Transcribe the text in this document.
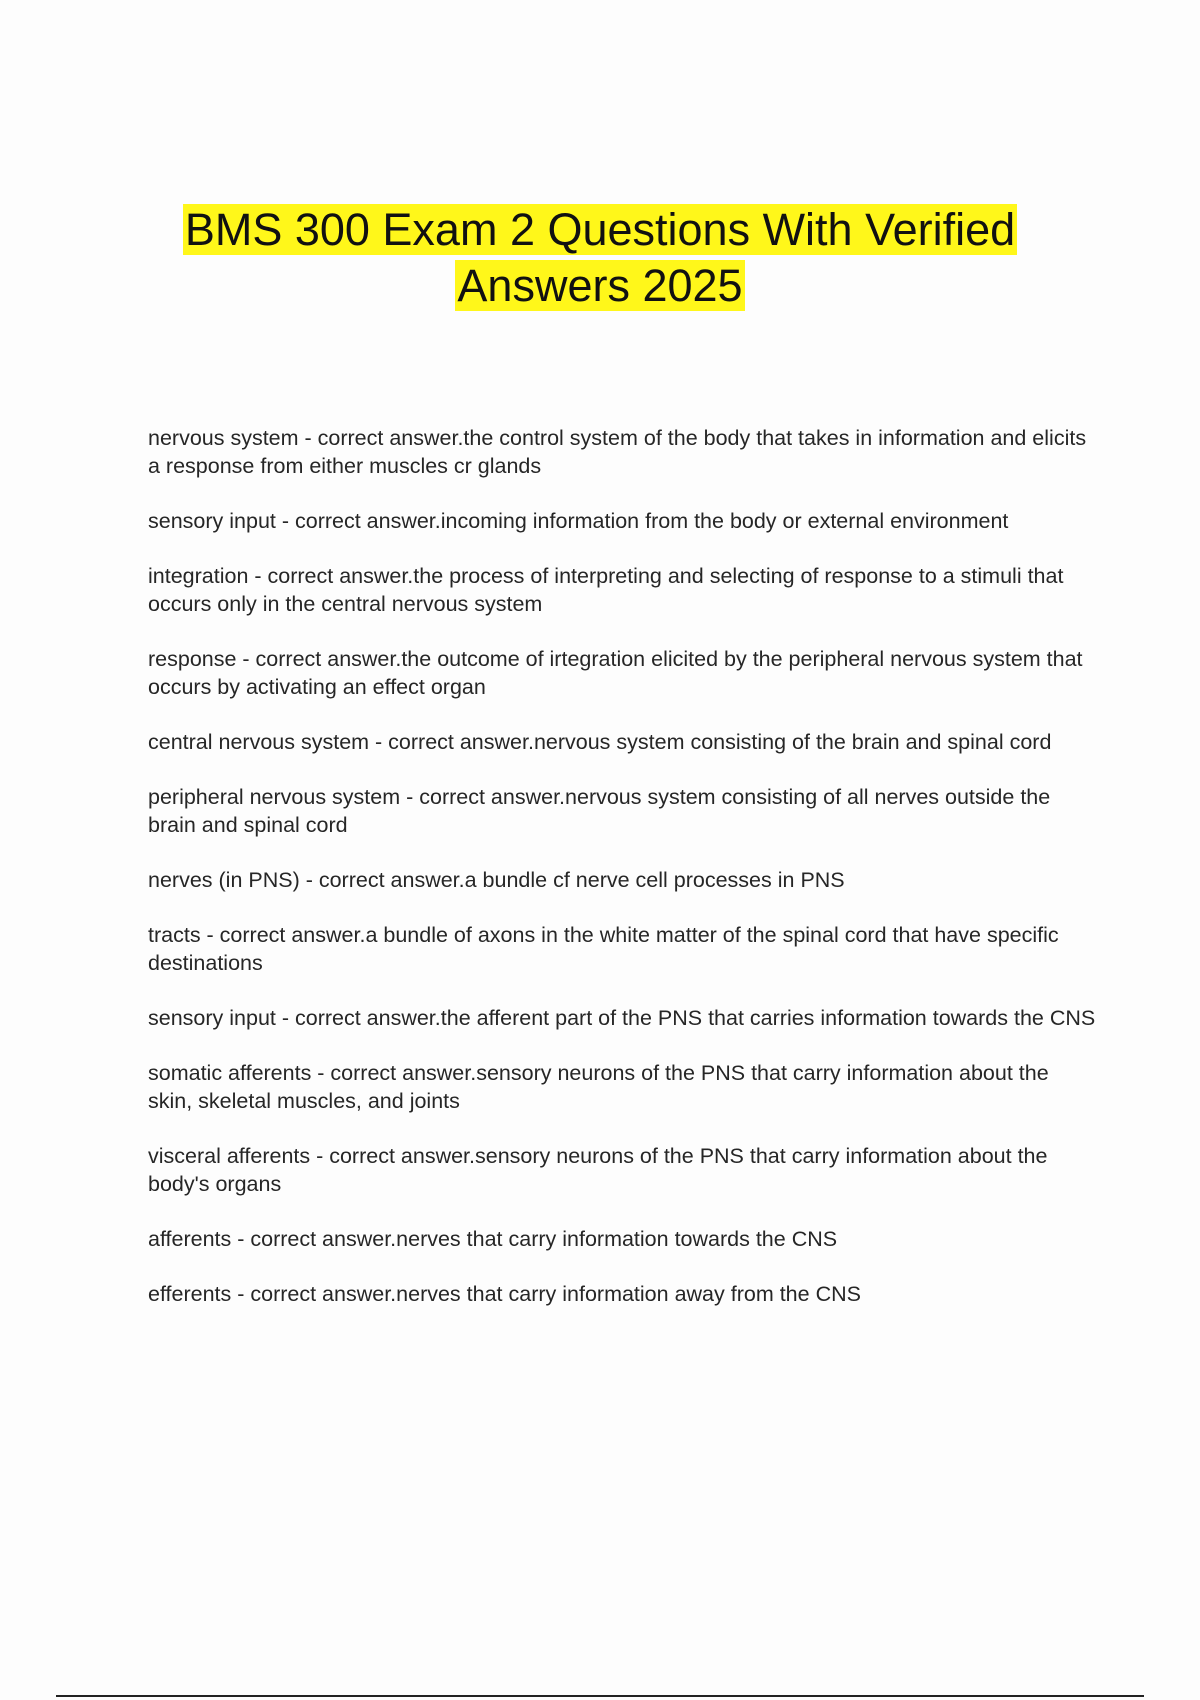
BMS 300 Exam 2 Questions With Verified
Answers 2025

nervous system - correct answer.the control system of the body that takes in information and elicits a response from either muscles cr glands

sensory input - correct answer.incoming information from the body or external environment

integration - correct answer.the process of interpreting and selecting of response to a stimuli that occurs only in the central nervous system

response - correct answer.the outcome of irtegration elicited by the peripheral nervous system that occurs by activating an effect organ

central nervous system - correct answer.nervous system consisting of the brain and spinal cord

peripheral nervous system - correct answer.nervous system consisting of all nerves outside the brain and spinal cord

nerves (in PNS) - correct answer.a bundle cf nerve cell processes in PNS

tracts - correct answer.a bundle of axons in the white matter of the spinal cord that have specific destinations

sensory input - correct answer.the afferent part of the PNS that carries information towards the CNS

somatic afferents - correct answer.sensory neurons of the PNS that carry information about the skin, skeletal muscles, and joints

visceral afferents - correct answer.sensory neurons of the PNS that carry information about the body's organs

afferents - correct answer.nerves that carry information towards the CNS

efferents - correct answer.nerves that carry information away from the CNS
